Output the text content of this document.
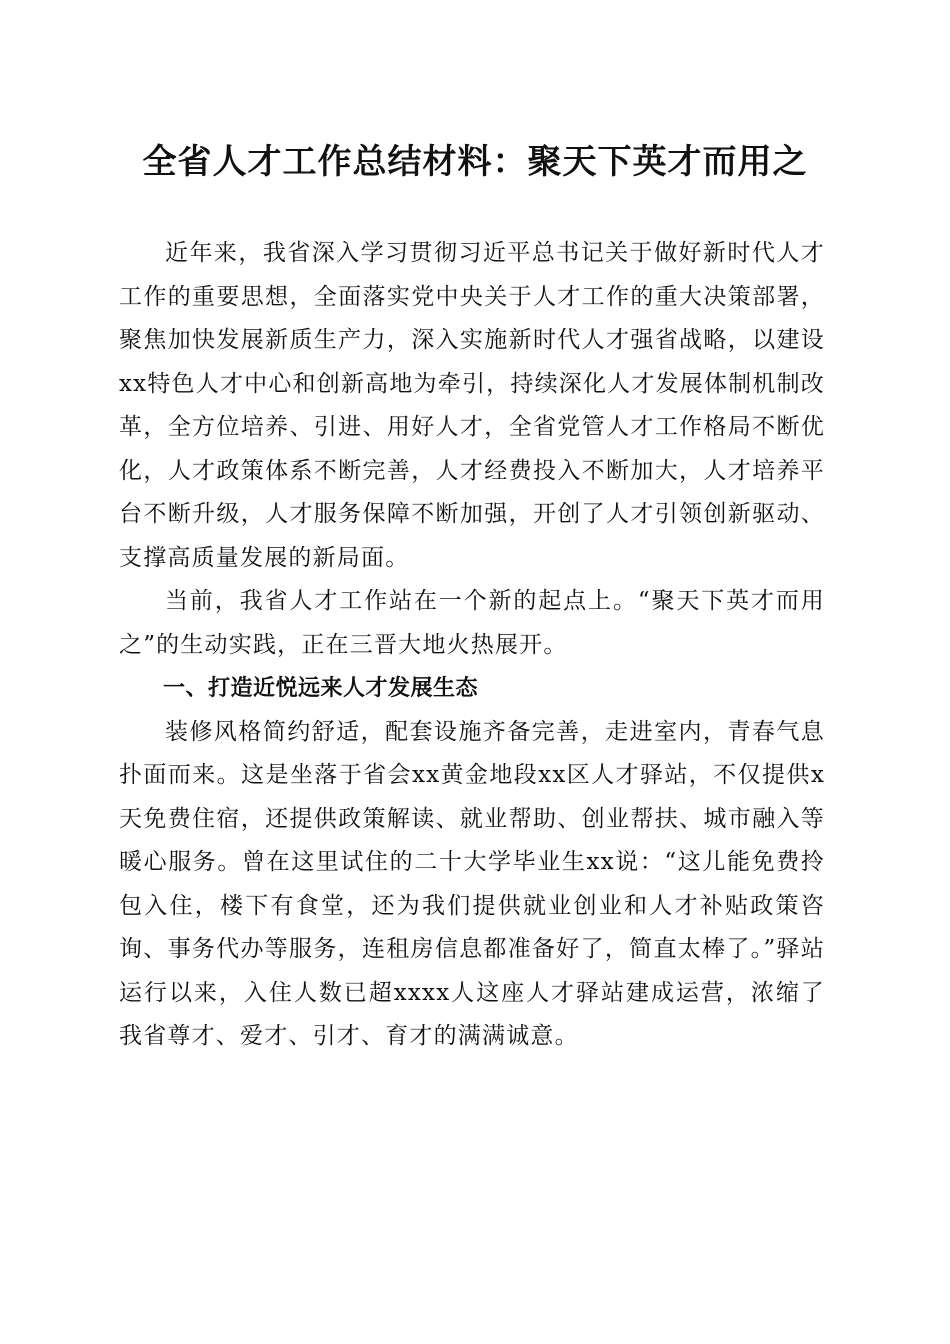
全省人才工作总结材料：聚天下英才而用之

近年来，我省深入学习贯彻习近平总书记关于做好新时代人才工作的重要思想，全面落实党中央关于人才工作的重大决策部署，聚焦加快发展新质生产力，深入实施新时代人才强省战略，以建设xx特色人才中心和创新高地为牵引，持续深化人才发展体制机制改革，全方位培养、引进、用好人才，全省党管人才工作格局不断优化，人才政策体系不断完善，人才经费投入不断加大，人才培养平台不断升级，人才服务保障不断加强，开创了人才引领创新驱动、支撑高质量发展的新局面。

当前，我省人才工作站在一个新的起点上。“聚天下英才而用之”的生动实践，正在三晋大地火热展开。

一、打造近悦远来人才发展生态

装修风格简约舒适，配套设施齐备完善，走进室内，青春气息扑面而来。这是坐落于省会xx黄金地段xx区人才驿站，不仅提供x天免费住宿，还提供政策解读、就业帮助、创业帮扶、城市融入等暖心服务。曾在这里试住的二十大学毕业生xx说：“这儿能免费拎包入住，楼下有食堂，还为我们提供就业创业和人才补贴政策咨询、事务代办等服务，连租房信息都准备好了，简直太棒了。”驿站运行以来，入住人数已超xxxx人这座人才驿站建成运营，浓缩了我省尊才、爱才、引才、育才的满满诚意。
